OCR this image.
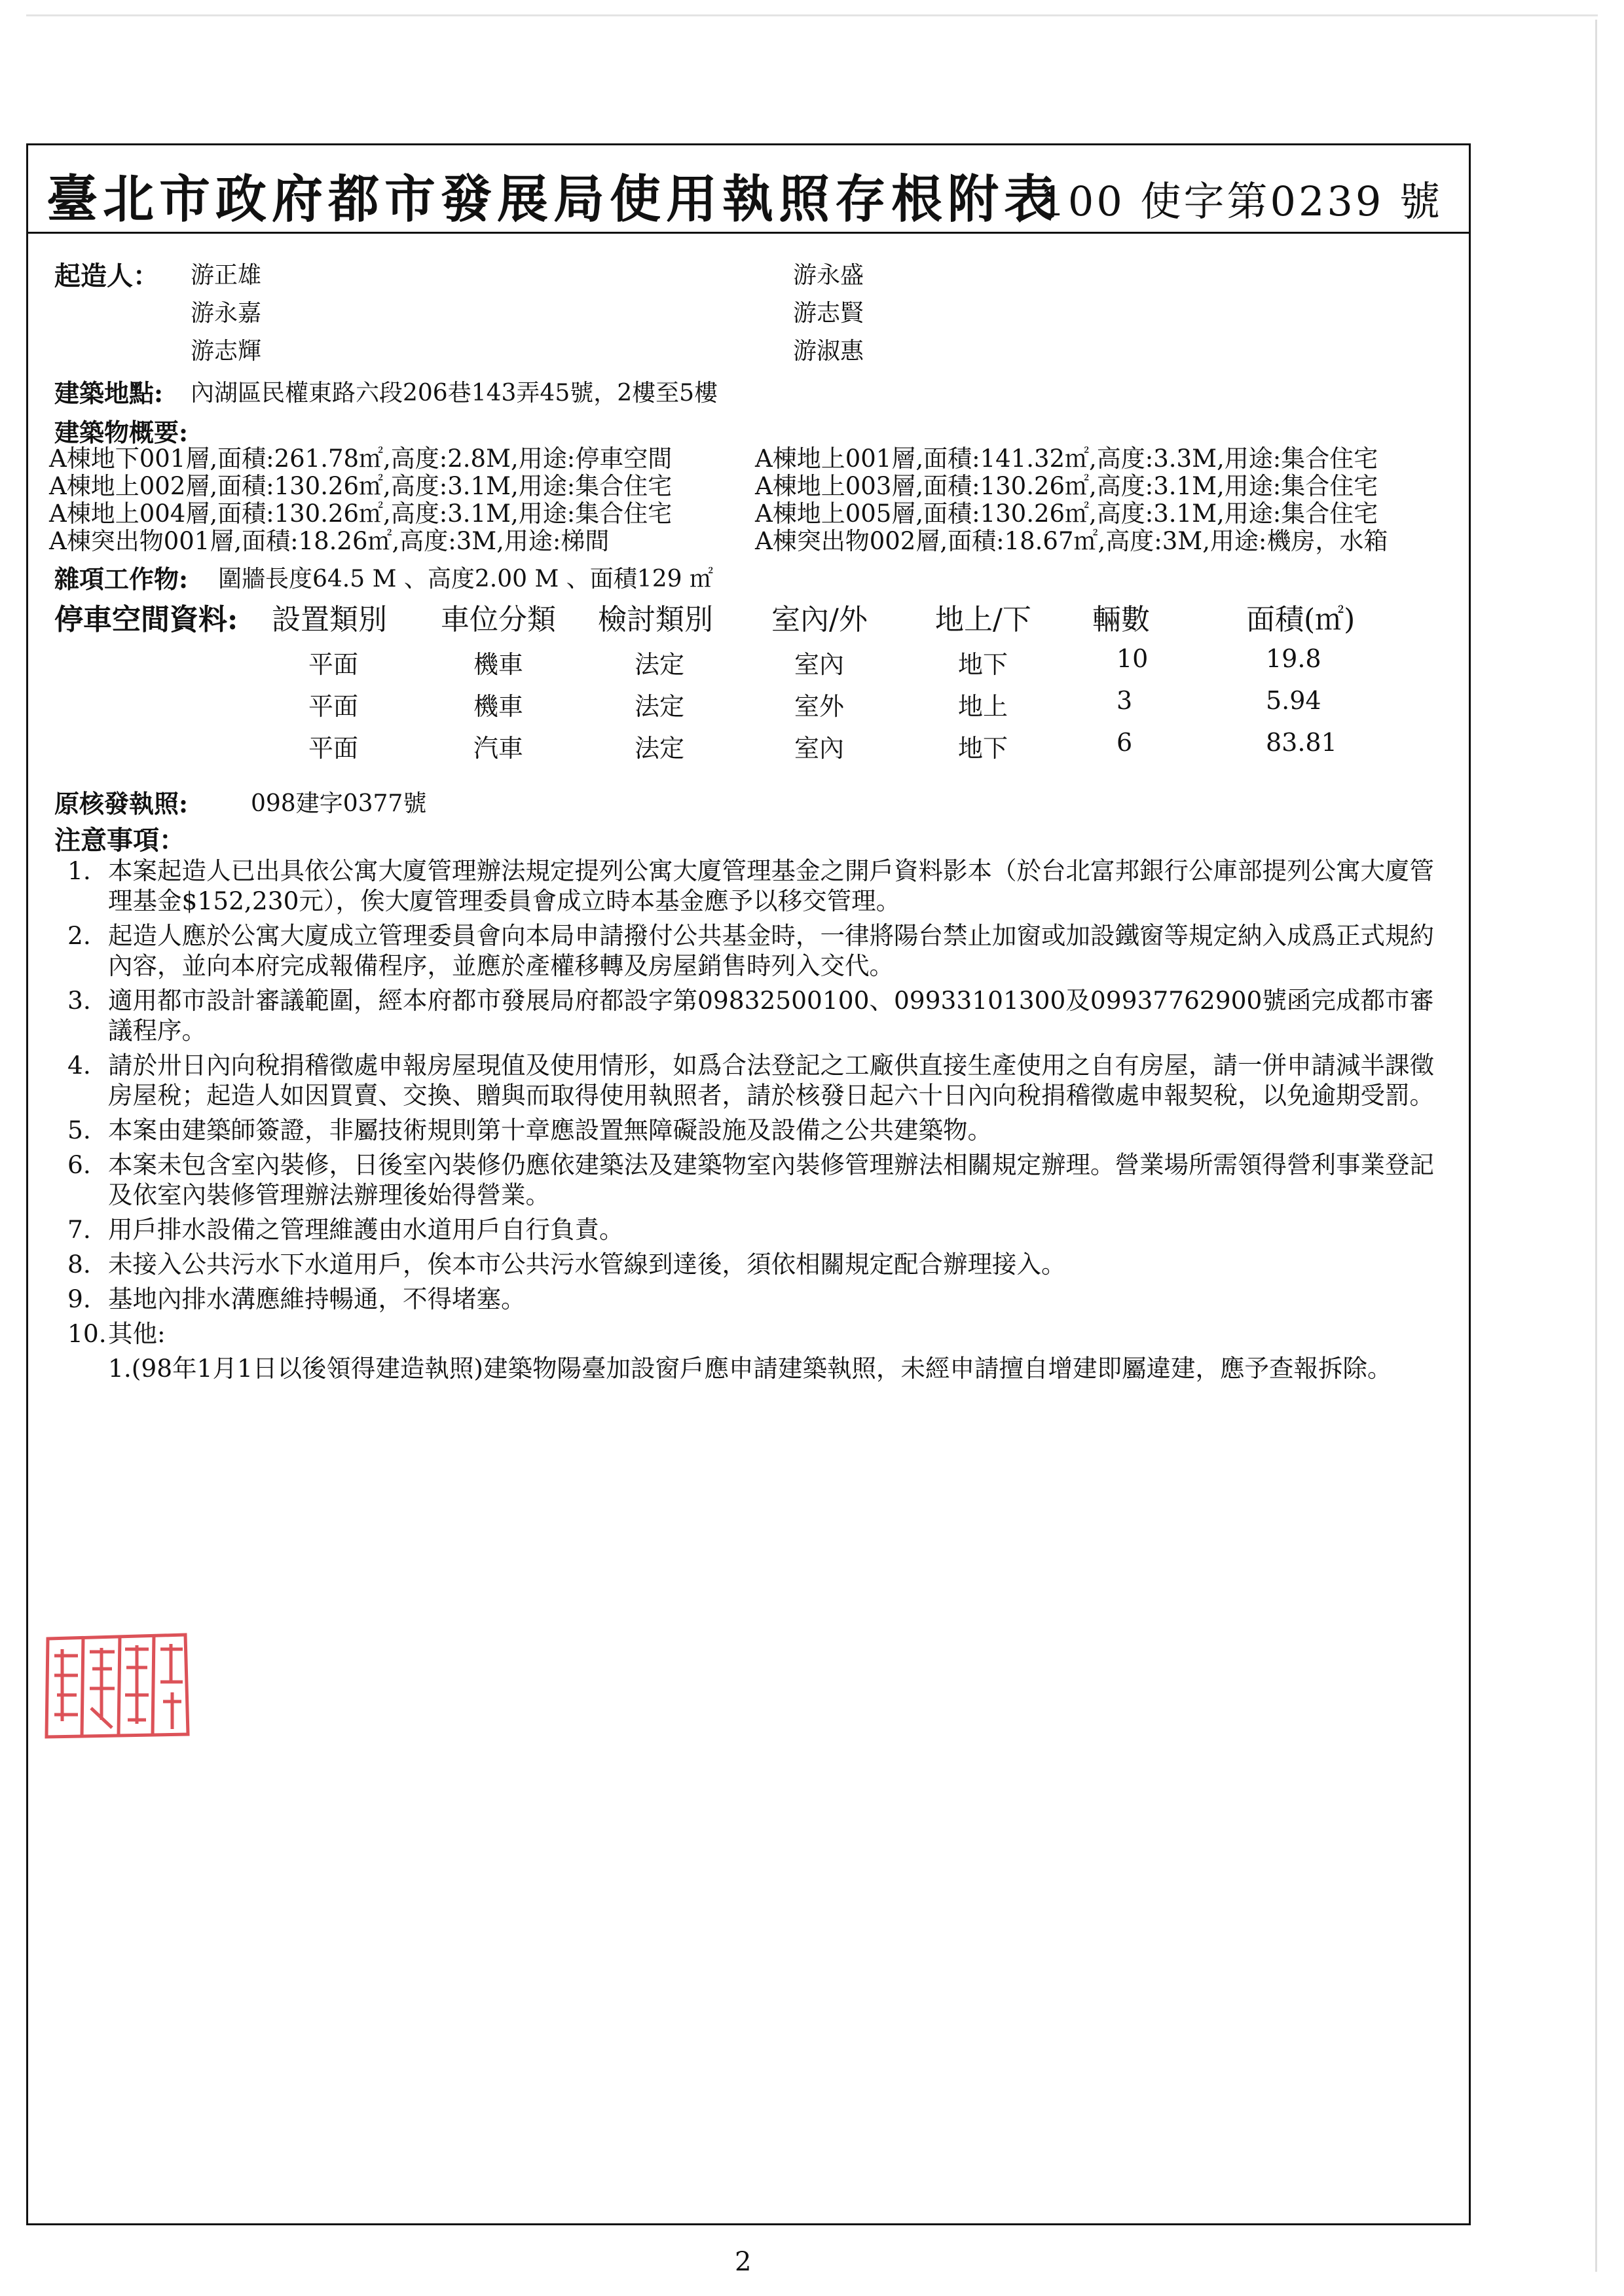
臺北市政府都市發展局使用執照存根附表
100 使字第0239 號
起造人： 游正雄	游永盛
游永嘉	游志賢
游志輝	游淑惠
建築地點: 內湖區民權東路六段206巷143弄45號，2樓至5樓
建築物概要:
A棟地下001層,面積:261.78㎡,高度:2.8M,用途:停車空間	A棟地上001層,面積:141.32㎡,高度:3.3M,用途:集合住宅
A棟地上002層,面積:130.26㎡,高度:3.1M,用途:集合住宅	A棟地上003層,面積:130.26㎡,高度:3.1M,用途:集合住宅
A棟地上004層,面積:130.26㎡,高度:3.1M,用途:集合住宅	A棟地上005層,面積:130.26㎡,高度:3.1M,用途:集合住宅
A棟突出物001層,面積:18.26㎡,高度:3M,用途:梯間	A棟突出物002層,面積:18.67㎡,高度:3M,用途:機房，水箱
雜項工作物: 圍牆長度64.5 M 、高度2.00 M 、面積129 ㎡
停車空間資料: 設置類別 車位分類 檢討類別 室內/外 地上/下 輛數	面積(㎡)
平面	機車	法定	室內	地下	10	19.8
平面	機車	法定	室外	地上	3	5.94
平面	汽車	法定	室內	地下	6	83.81
原核發執照:	098建字0377號
注意事項：
1. 本案起造人已出具依公寓大廈管理辦法規定提列公寓大廈管理基金之開戶資料影本（於台北富邦銀行公庫部提列公寓大廈管理基金$152,230元），俟大廈管理委員會成立時本基金應予以移交管理。
2. 起造人應於公寓大廈成立管理委員會向本局申請撥付公共基金時，一律將陽台禁止加窗或加設鐵窗等規定納入成爲正式規約內容，並向本府完成報備程序，並應於產權移轉及房屋銷售時列入交代。
3. 適用都市設計審議範圍，經本府都市發展局府都設字第09832500100、09933101300及09937762900號函完成都市審議程序。
4. 請於卅日內向稅捐稽徵處申報房屋現值及使用情形，如爲合法登記之工廠供直接生產使用之自有房屋，請一併申請減半課徵房屋稅；起造人如因買賣、交換、贈與而取得使用執照者，請於核發日起六十日內向稅捐稽徵處申報契稅，以免逾期受罰。
5. 本案由建築師簽證，非屬技術規則第十章應設置無障礙設施及設備之公共建築物。
6. 本案未包含室內裝修，日後室內裝修仍應依建築法及建築物室內裝修管理辦法相關規定辦理。營業場所需領得營利事業登記及依室內裝修管理辦法辦理後始得營業。
7. 用戶排水設備之管理維護由水道用戶自行負責。
8. 未接入公共污水下水道用戶，俟本市公共污水管線到達後，須依相關規定配合辦理接入。
9. 基地內排水溝應維持暢通，不得堵塞。
10. 其他:
1.(98年1月1日以後領得建造執照)建築物陽臺加設窗戶應申請建築執照，未經申請擅自增建即屬違建，應予查報拆除。
2
